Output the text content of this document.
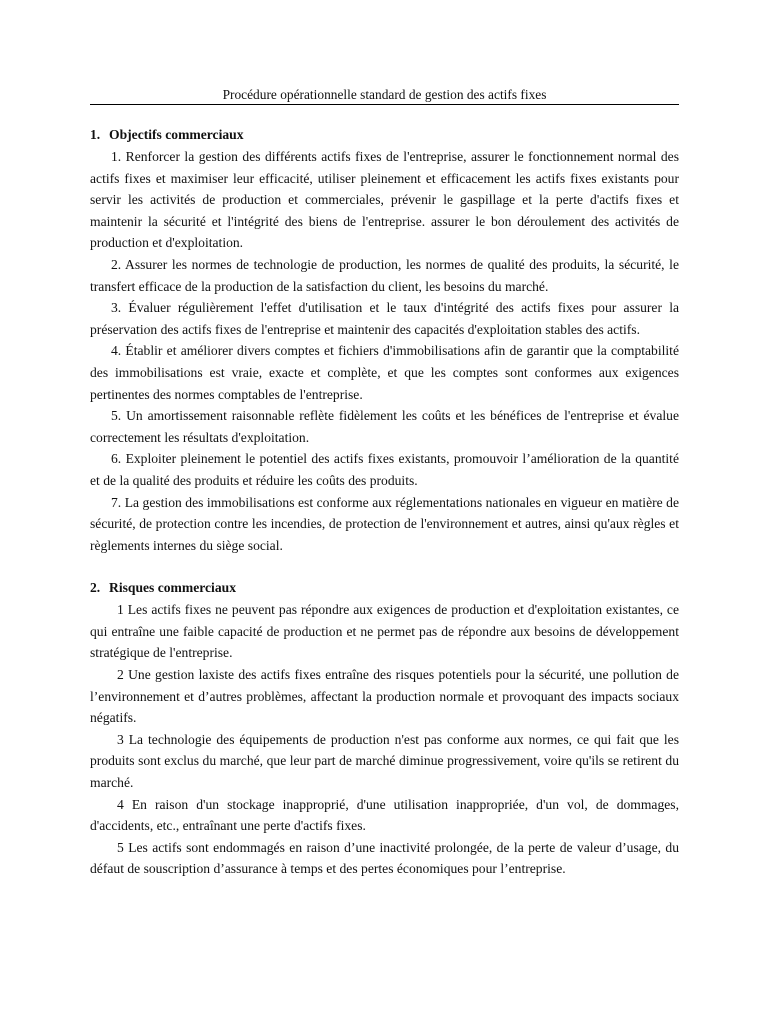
Procédure opérationnelle standard de gestion des actifs fixes
1. Objectifs commerciaux

1. Renforcer la gestion des différents actifs fixes de l'entreprise, assurer le fonctionnement normal des actifs fixes et maximiser leur efficacité, utiliser pleinement et efficacement les actifs fixes existants pour servir les activités de production et commerciales, prévenir le gaspillage et la perte d'actifs fixes et maintenir la sécurité et l'intégrité des biens de l'entreprise. assurer le bon déroulement des activités de production et d'exploitation.

2. Assurer les normes de technologie de production, les normes de qualité des produits, la sécurité, le transfert efficace de la production de la satisfaction du client, les besoins du marché.

3. Évaluer régulièrement l'effet d'utilisation et le taux d'intégrité des actifs fixes pour assurer la préservation des actifs fixes de l'entreprise et maintenir des capacités d'exploitation stables des actifs.

4. Établir et améliorer divers comptes et fichiers d'immobilisations afin de garantir que la comptabilité des immobilisations est vraie, exacte et complète, et que les comptes sont conformes aux exigences pertinentes des normes comptables de l'entreprise.

5. Un amortissement raisonnable reflète fidèlement les coûts et les bénéfices de l'entreprise et évalue correctement les résultats d'exploitation.

6. Exploiter pleinement le potentiel des actifs fixes existants, promouvoir l’amélioration de la quantité et de la qualité des produits et réduire les coûts des produits.

7. La gestion des immobilisations est conforme aux réglementations nationales en vigueur en matière de sécurité, de protection contre les incendies, de protection de l'environnement et autres, ainsi qu'aux règles et règlements internes du siège social.

2. Risques commerciaux

1 Les actifs fixes ne peuvent pas répondre aux exigences de production et d'exploitation existantes, ce qui entraîne une faible capacité de production et ne permet pas de répondre aux besoins de développement stratégique de l'entreprise.

2 Une gestion laxiste des actifs fixes entraîne des risques potentiels pour la sécurité, une pollution de l’environnement et d’autres problèmes, affectant la production normale et provoquant des impacts sociaux négatifs.

3 La technologie des équipements de production n'est pas conforme aux normes, ce qui fait que les produits sont exclus du marché, que leur part de marché diminue progressivement, voire qu'ils se retirent du marché.

4 En raison d'un stockage inapproprié, d'une utilisation inappropriée, d'un vol, de dommages, d'accidents, etc., entraînant une perte d'actifs fixes.

5 Les actifs sont endommagés en raison d’une inactivité prolongée, de la perte de valeur d’usage, du défaut de souscription d’assurance à temps et des pertes économiques pour l’entreprise.
